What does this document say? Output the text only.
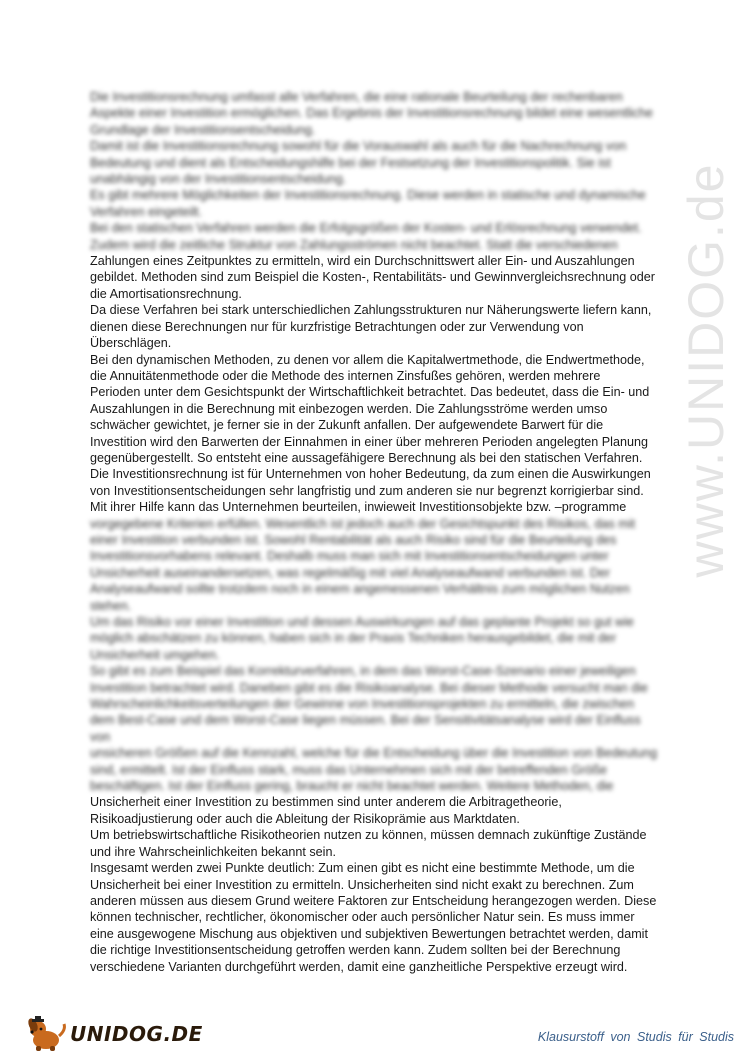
www.UNIDOG.de

Die Investitionsrechnung umfasst alle Verfahren, die eine rationale Beurteilung der rechenbaren

Aspekte einer Investition ermöglichen. Das Ergebnis der Investitionsrechnung bildet eine wesentliche

Grundlage der Investitionsentscheidung.

Damit ist die Investitionsrechnung sowohl für die Vorauswahl als auch für die Nachrechnung von

Bedeutung und dient als Entscheidungshilfe bei der Festsetzung der Investitionspolitik. Sie ist

unabhängig von der Investitionsentscheidung.

Es gibt mehrere Möglichkeiten der Investitionsrechnung. Diese werden in statische und dynamische

Verfahren eingeteilt.

Bei den statischen Verfahren werden die Erfolgsgrößen der Kosten- und Erlösrechnung verwendet.

Zudem wird die zeitliche Struktur von Zahlungsströmen nicht beachtet. Statt die verschiedenen

Zahlungen eines Zeitpunktes zu ermitteln, wird ein Durchschnittswert aller Ein- und Auszahlungen

gebildet. Methoden sind zum Beispiel die Kosten-, Rentabilitäts- und Gewinnvergleichsrechnung oder

die Amortisationsrechnung.

Da diese Verfahren bei stark unterschiedlichen Zahlungsstrukturen nur Näherungswerte liefern kann,

dienen diese Berechnungen nur für kurzfristige Betrachtungen oder zur Verwendung von

Überschlägen.

Bei den dynamischen Methoden, zu denen vor allem die Kapitalwertmethode, die Endwertmethode,

die Annuitätenmethode oder die Methode des internen Zinsfußes gehören, werden mehrere

Perioden unter dem Gesichtspunkt der Wirtschaftlichkeit betrachtet. Das bedeutet, dass die Ein- und

Auszahlungen in die Berechnung mit einbezogen werden. Die Zahlungsströme werden umso

schwächer gewichtet, je ferner sie in der Zukunft anfallen. Der aufgewendete Barwert für die

Investition wird den Barwerten der Einnahmen in einer über mehreren Perioden angelegten Planung

gegenübergestellt. So entsteht eine aussagefähigere Berechnung als bei den statischen Verfahren.

Die Investitionsrechnung ist für Unternehmen von hoher Bedeutung, da zum einen die Auswirkungen

von Investitionsentscheidungen sehr langfristig und zum anderen sie nur begrenzt korrigierbar sind.

Mit ihrer Hilfe kann das Unternehmen beurteilen, inwieweit Investitionsobjekte bzw. –programme

vorgegebene Kriterien erfüllen. Wesentlich ist jedoch auch der Gesichtspunkt des Risikos, das mit

einer Investition verbunden ist. Sowohl Rentabilität als auch Risiko sind für die Beurteilung des

Investitionsvorhabens relevant. Deshalb muss man sich mit Investitionsentscheidungen unter

Unsicherheit auseinandersetzen, was regelmäßig mit viel Analyseaufwand verbunden ist. Der

Analyseaufwand sollte trotzdem noch in einem angemessenen Verhältnis zum möglichen Nutzen

stehen.

Um das Risiko vor einer Investition und dessen Auswirkungen auf das geplante Projekt so gut wie

möglich abschätzen zu können, haben sich in der Praxis Techniken herausgebildet, die mit der

Unsicherheit umgehen.

So gibt es zum Beispiel das Korrekturverfahren, in dem das Worst-Case-Szenario einer jeweiligen

Investition betrachtet wird. Daneben gibt es die Risikoanalyse. Bei dieser Methode versucht man die

Wahrscheinlichkeitsverteilungen der Gewinne von Investitionsprojekten zu ermitteln, die zwischen

dem Best-Case und dem Worst-Case liegen müssen. Bei der Sensitivitätsanalyse wird der Einfluss von

unsicheren Größen auf die Kennzahl, welche für die Entscheidung über die Investition von Bedeutung

sind, ermittelt. Ist der Einfluss stark, muss das Unternehmen sich mit der betreffenden Größe

beschäftigen. Ist der Einfluss gering, braucht er nicht beachtet werden. Weitere Methoden, die

Unsicherheit einer Investition zu bestimmen sind unter anderem die Arbitragetheorie,

Risikoadjustierung oder auch die Ableitung der Risikoprämie aus Marktdaten.

Um betriebswirtschaftliche Risikotheorien nutzen zu können, müssen demnach zukünftige Zustände

und ihre Wahrscheinlichkeiten bekannt sein.

Insgesamt werden zwei Punkte deutlich: Zum einen gibt es nicht eine bestimmte Methode, um die

Unsicherheit bei einer Investition zu ermitteln. Unsicherheiten sind nicht exakt zu berechnen. Zum

anderen müssen aus diesem Grund weitere Faktoren zur Entscheidung herangezogen werden. Diese

können technischer, rechtlicher, ökonomischer oder auch persönlicher Natur sein. Es muss immer

eine ausgewogene Mischung aus objektiven und subjektiven Bewertungen betrachtet werden, damit

die richtige Investitionsentscheidung getroffen werden kann. Zudem sollten bei der Berechnung

verschiedene Varianten durchgeführt werden, damit eine ganzheitliche Perspektive erzeugt wird.

UNIDOG.DE	Klausurstoff von Studis für Studis
